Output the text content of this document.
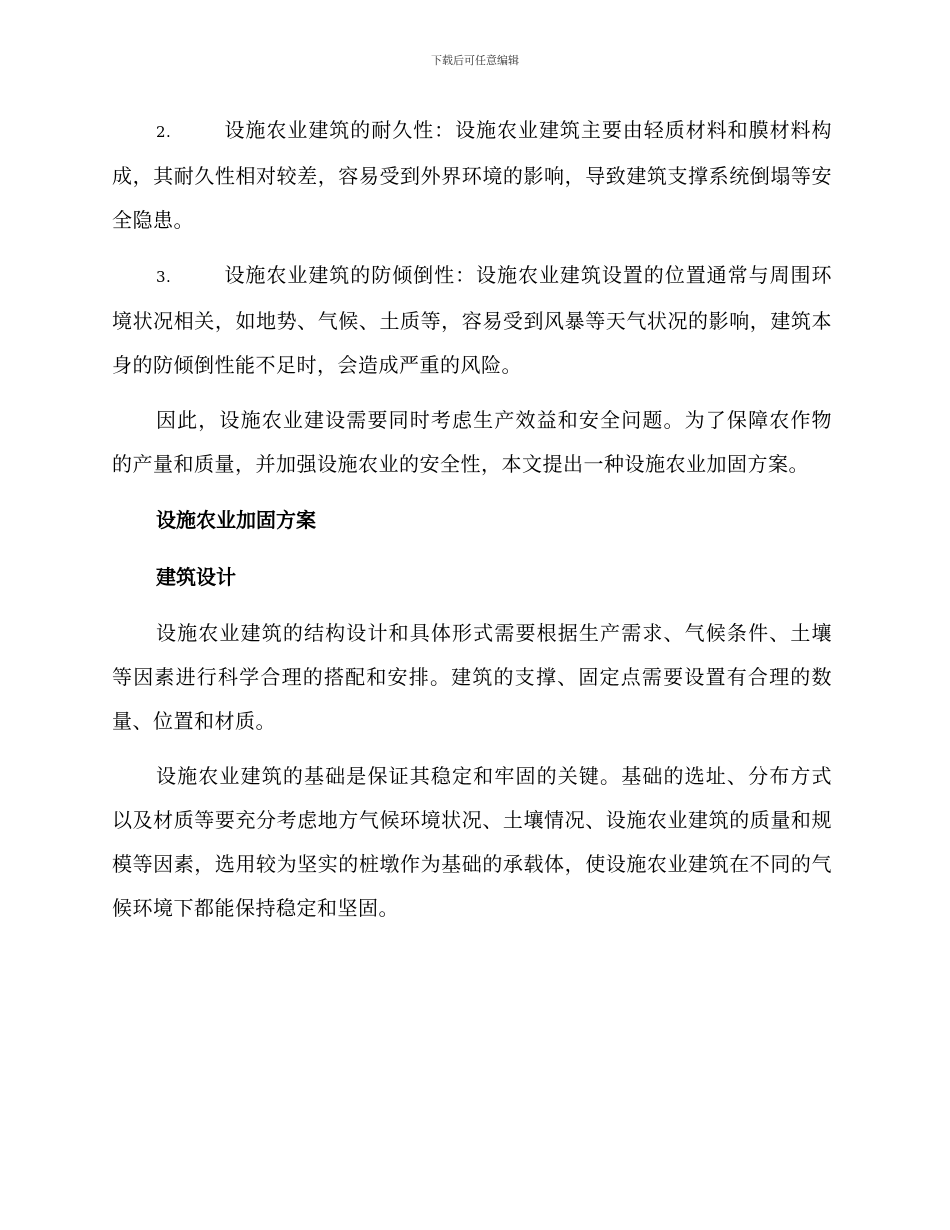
下载后可任意编辑

2.	设施农业建筑的耐久性：设施农业建筑主要由轻质材料和膜材料构成，其耐久性相对较差，容易受到外界环境的影响，导致建筑支撑系统倒塌等安全隐患。

3.	设施农业建筑的防倾倒性：设施农业建筑设置的位置通常与周围环境状况相关，如地势、气候、土质等，容易受到风暴等天气状况的影响，建筑本身的防倾倒性能不足时，会造成严重的风险。

因此，设施农业建设需要同时考虑生产效益和安全问题。为了保障农作物的产量和质量，并加强设施农业的安全性，本文提出一种设施农业加固方案。

设施农业加固方案
建筑设计

设施农业建筑的结构设计和具体形式需要根据生产需求、气候条件、土壤等因素进行科学合理的搭配和安排。建筑的支撑、固定点需要设置有合理的数量、位置和材质。

设施农业建筑的基础是保证其稳定和牢固的关键。基础的选址、分布方式以及材质等要充分考虑地方气候环境状况、土壤情况、设施农业建筑的质量和规模等因素，选用较为坚实的桩墩作为基础的承载体，使设施农业建筑在不同的气候环境下都能保持稳定和坚固。
